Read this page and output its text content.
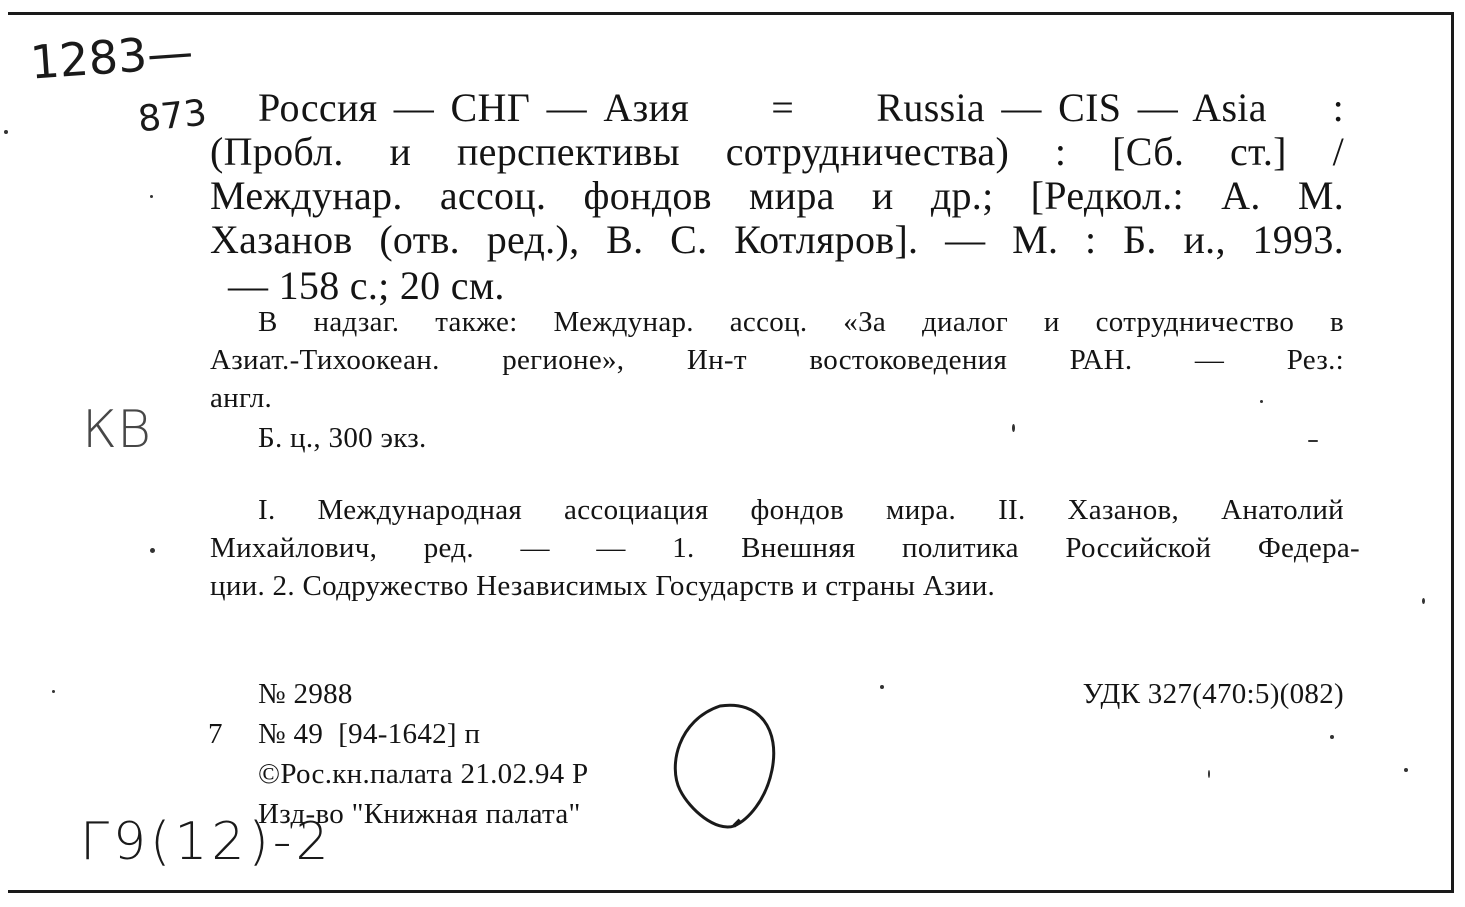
1283—
873
КВ
Г9(12)-2
Россия — СНГ — Азия     =     Russia — CIS — Asia    :
(Пробл. и перспективы сотрудничества) : [Сб. ст.] /
Междунар. ассоц. фондов мира и др.; [Редкол.: А. М.
Хазанов (отв. ред.), В. С. Котляров]. — М. : Б. и., 1993.
— 158 с.; 20 см.
В надзаг. также: Междунар. ассоц. «За диалог и сотрудничество в
Азиат.-Тихоокеан. регионе», Ин-т востоковедения РАН. — Рез.:
англ.
Б. ц., 300 экз.
I. Международная ассоциация фондов мира. II. Хазанов, Анатолий
Михайлович, ред. — — 1. Внешняя политика Российской Федера-
ции. 2. Содружество Независимых Государств и страны Азии.
№ 2988	УДК 327(470:5)(082)
7 № 49  [94-1642] п
©Рос.кн.палата 21.02.94 Р
Изд-во "Книжная палата"
